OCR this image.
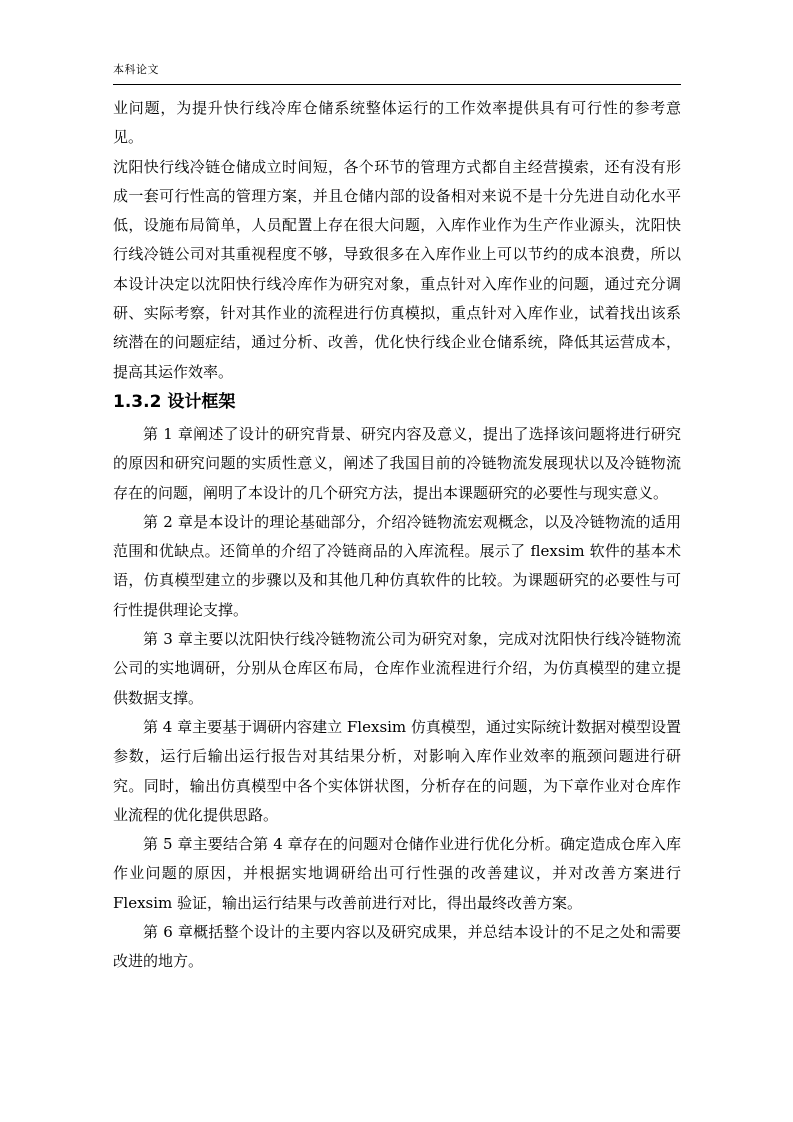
本科论文

业问题，为提升快行线冷库仓储系统整体运行的工作效率提供具有可行性的参考意见。

沈阳快行线冷链仓储成立时间短，各个环节的管理方式都自主经营摸索，还有没有形成一套可行性高的管理方案，并且仓储内部的设备相对来说不是十分先进自动化水平低，设施布局简单，人员配置上存在很大问题，入库作业作为生产作业源头，沈阳快行线冷链公司对其重视程度不够，导致很多在入库作业上可以节约的成本浪费，所以本设计决定以沈阳快行线冷库作为研究对象，重点针对入库作业的问题，通过充分调研、实际考察，针对其作业的流程进行仿真模拟，重点针对入库作业，试着找出该系统潜在的问题症结，通过分析、改善，优化快行线企业仓储系统，降低其运营成本，提高其运作效率。

1.3.2 设计框架

第 1 章阐述了设计的研究背景、研究内容及意义，提出了选择该问题将进行研究的原因和研究问题的实质性意义，阐述了我国目前的冷链物流发展现状以及冷链物流存在的问题，阐明了本设计的几个研究方法，提出本课题研究的必要性与现实意义。

第 2 章是本设计的理论基础部分，介绍冷链物流宏观概念，以及冷链物流的适用范围和优缺点。还简单的介绍了冷链商品的入库流程。展示了 flexsim 软件的基本术语，仿真模型建立的步骤以及和其他几种仿真软件的比较。为课题研究的必要性与可行性提供理论支撑。

第 3 章主要以沈阳快行线冷链物流公司为研究对象，完成对沈阳快行线冷链物流公司的实地调研，分别从仓库区布局，仓库作业流程进行介绍，为仿真模型的建立提供数据支撑。

第 4 章主要基于调研内容建立 Flexsim 仿真模型，通过实际统计数据对模型设置参数，运行后输出运行报告对其结果分析，对影响入库作业效率的瓶颈问题进行研究。同时，输出仿真模型中各个实体饼状图，分析存在的问题，为下章作业对仓库作业流程的优化提供思路。

第 5 章主要结合第 4 章存在的问题对仓储作业进行优化分析。确定造成仓库入库作业问题的原因，并根据实地调研给出可行性强的改善建议，并对改善方案进行 Flexsim 验证，输出运行结果与改善前进行对比，得出最终改善方案。

第 6 章概括整个设计的主要内容以及研究成果，并总结本设计的不足之处和需要改进的地方。
